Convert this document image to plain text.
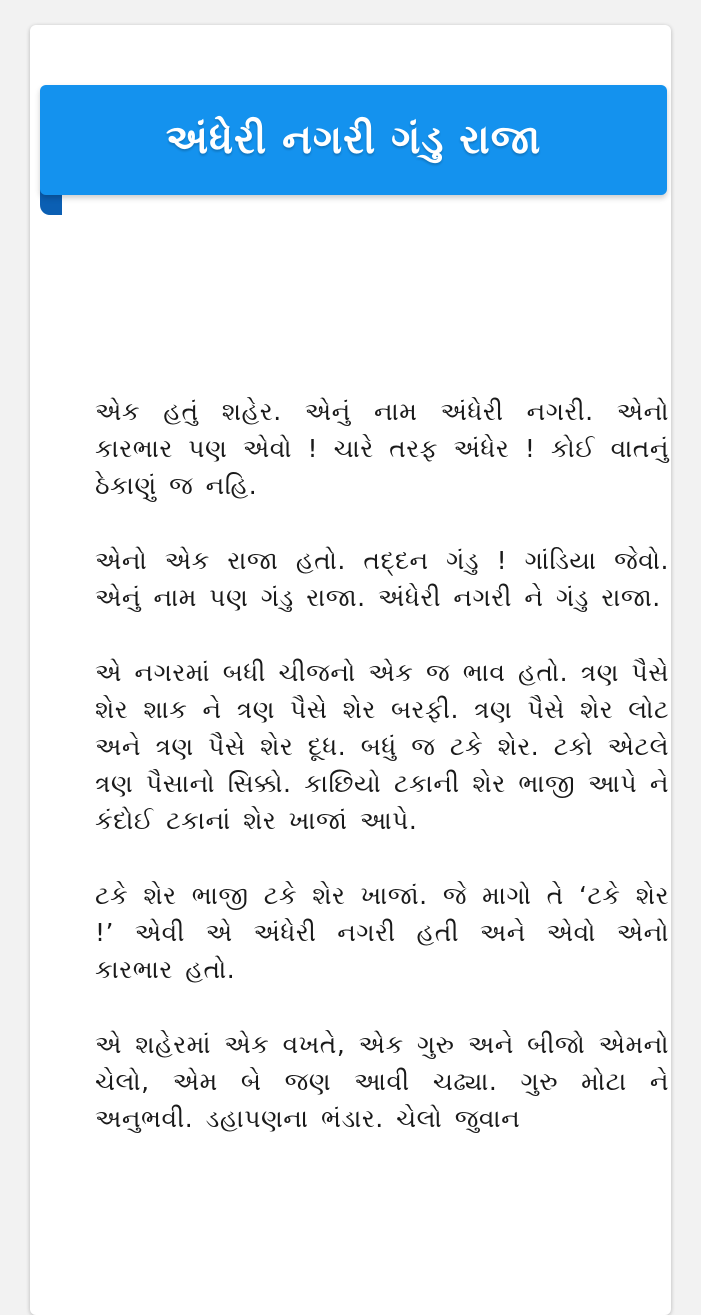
અંધેરી નગરી ગંડુ રાજા

એક હતું શહેર. એનું નામ અંધેરી નગરી. એનો કારભાર પણ એવો ! ચારે તરફ અંધેર ! કોઈ વાતનું ઠેકાણું જ નહિ.

એનો એક રાજા હતો. તદ્દન ગંડુ ! ગાંડિયા જેવો. એનું નામ પણ ગંડુ રાજા. અંધેરી નગરી ને ગંડુ રાજા.

એ નગરમાં બધી ચીજનો એક જ ભાવ હતો. ત્રણ પૈસે શેર શાક ને ત્રણ પૈસે શેર બરફી. ત્રણ પૈસે શેર લોટ અને ત્રણ પૈસે શેર દૂધ. બધું જ ટકે શેર. ટકો એટલે ત્રણ પૈસાનો સિક્કો. કાછિયો ટકાની શેર ભાજી આપે ને કંદોઈ ટકાનાં શેર ખાજાં આપે.

ટકે શેર ભાજી ટકે શેર ખાજાં. જે માગો તે ‘ટકે શેર !’ એવી એ અંધેરી નગરી હતી અને એવો એનો કારભાર હતો.

એ શહેરમાં એક વખતે, એક ગુરુ અને બીજો એમનો ચેલો, એમ બે જણ આવી ચઢ્યા. ગુરુ મોટા ને અનુભવી. ડહાપણના ભંડાર. ચેલો જુવાન
